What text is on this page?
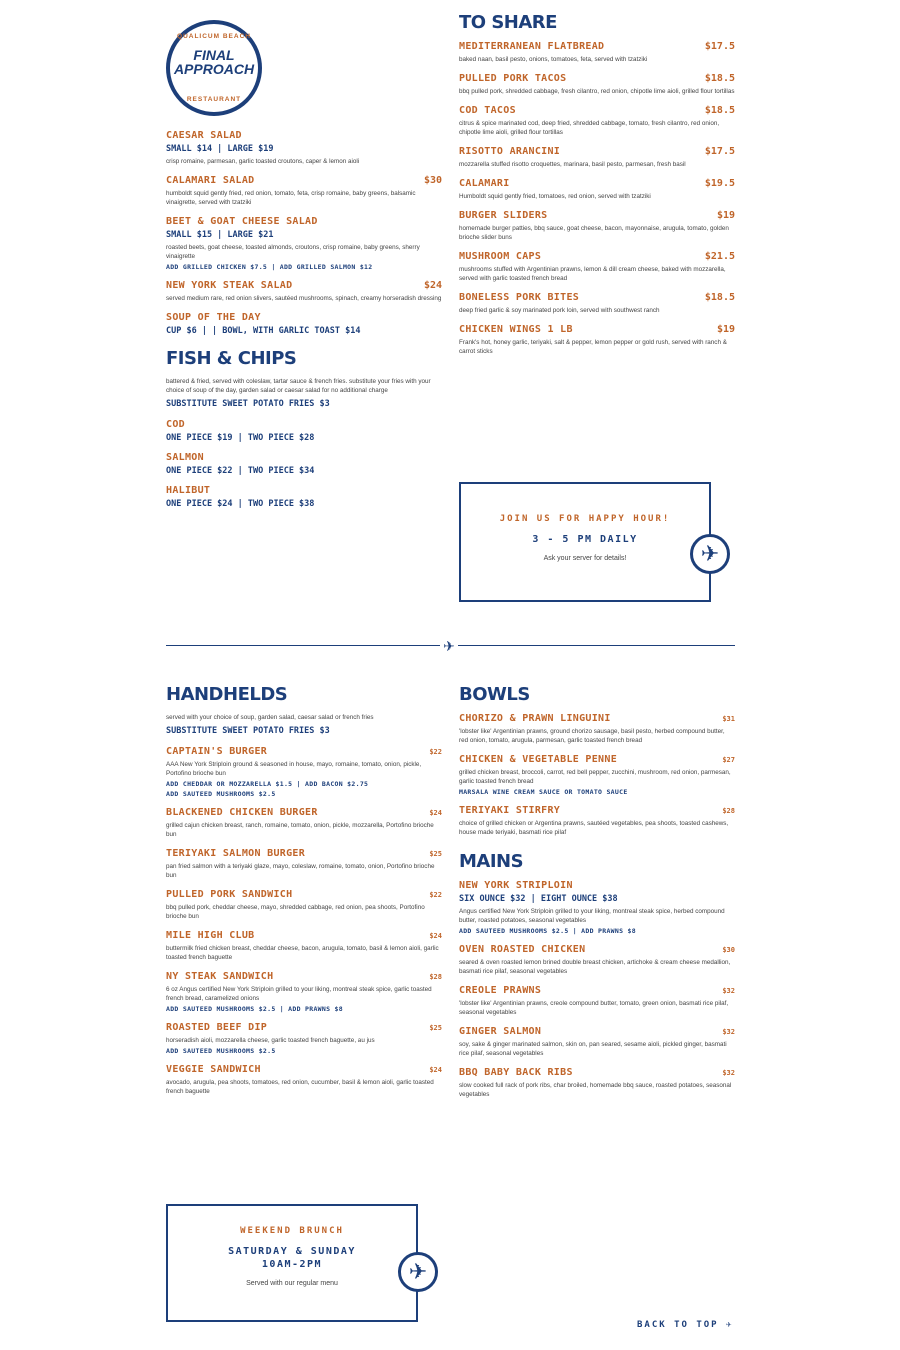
QUALICUM BEACH
FINAL
APPROACH
RESTAURANT
CAESAR SALAD
SMALL $14 | LARGE $19
crisp romaine, parmesan, garlic toasted croutons, caper & lemon aioli
CALAMARI SALAD	$30
humboldt squid gently fried, red onion, tomato, feta, crisp romaine, baby greens, balsamic vinaigrette, served with tzatziki
BEET & GOAT CHEESE SALAD
SMALL $15 | LARGE $21
roasted beets, goat cheese, toasted almonds, croutons, crisp romaine, baby greens, sherry vinaigrette
ADD GRILLED CHICKEN $7.5 | ADD GRILLED SALMON $12
NEW YORK STEAK SALAD	$24
served medium rare, red onion slivers, sautéed mushrooms, spinach, creamy horseradish dressing
SOUP OF THE DAY
CUP $6 | | BOWL, WITH GARLIC TOAST $14
FISH & CHIPS
battered & fried, served with coleslaw, tartar sauce & french fries. substitute your fries with your choice of soup of the day, garden salad or caesar salad for no additional charge
SUBSTITUTE SWEET POTATO FRIES $3
COD
ONE PIECE $19 | TWO PIECE $28
SALMON
ONE PIECE $22 | TWO PIECE $34
HALIBUT
ONE PIECE $24 | TWO PIECE $38
TO SHARE
MEDITERRANEAN FLATBREAD	$17.5
baked naan, basil pesto, onions, tomatoes, feta, served with tzatziki
PULLED PORK TACOS	$18.5
bbq pulled pork, shredded cabbage, fresh cilantro, red onion, chipotle lime aioli, grilled flour tortillas
COD TACOS	$18.5
citrus & spice marinated cod, deep fried, shredded cabbage, tomato, fresh cilantro, red onion, chipotle lime aioli, grilled flour tortillas
RISOTTO ARANCINI	$17.5
mozzarella stuffed risotto croquettes, marinara, basil pesto, parmesan, fresh basil
CALAMARI	$19.5
Humboldt squid gently fried, tomatoes, red onion, served with tzatziki
BURGER SLIDERS	$19
homemade burger patties, bbq sauce, goat cheese, bacon, mayonnaise, arugula, tomato, golden brioche slider buns
MUSHROOM CAPS	$21.5
mushrooms stuffed with Argentinian prawns, lemon & dill cream cheese, baked with mozzarella, served with garlic toasted french bread
BONELESS PORK BITES	$18.5
deep fried garlic & soy marinated pork loin, served with southwest ranch
CHICKEN WINGS 1 LB	$19
Frank's hot, honey garlic, teriyaki, salt & pepper, lemon pepper or gold rush, served with ranch & carrot sticks
JOIN US FOR HAPPY HOUR!
3 - 5 PM DAILY
Ask your server for details!	✈
✈
HANDHELDS
served with your choice of soup, garden salad, caesar salad or french fries
SUBSTITUTE SWEET POTATO FRIES $3
CAPTAIN'S BURGER	$22
AAA New York Striploin ground & seasoned in house, mayo, romaine, tomato, onion, pickle, Portofino brioche bun
ADD CHEDDAR OR MOZZARELLA $1.5 | ADD BACON $2.75
ADD SAUTEED MUSHROOMS $2.5
BLACKENED CHICKEN BURGER	$24
grilled cajun chicken breast, ranch, romaine, tomato, onion, pickle, mozzarella, Portofino brioche bun
TERIYAKI SALMON BURGER	$25
pan fried salmon with a teriyaki glaze, mayo, coleslaw, romaine, tomato, onion, Portofino brioche bun
PULLED PORK SANDWICH	$22
bbq pulled pork, cheddar cheese, mayo, shredded cabbage, red onion, pea shoots, Portofino brioche bun
MILE HIGH CLUB	$24
buttermilk fried chicken breast, cheddar cheese, bacon, arugula, tomato, basil & lemon aioli, garlic toasted french baguette
NY STEAK SANDWICH	$28
6 oz Angus certified New York Striploin grilled to your liking, montreal steak spice, garlic toasted french bread, caramelized onions
ADD SAUTEED MUSHROOMS $2.5 | ADD PRAWNS $8
ROASTED BEEF DIP	$25
horseradish aioli, mozzarella cheese, garlic toasted french baguette, au jus
ADD SAUTEED MUSHROOMS $2.5
VEGGIE SANDWICH	$24
avocado, arugula, pea shoots, tomatoes, red onion, cucumber, basil & lemon aioli, garlic toasted french baguette
WEEKEND BRUNCH
SATURDAY & SUNDAY
10AM-2PM
Served with our regular menu	✈
BOWLS
CHORIZO & PRAWN LINGUINI	$31
'lobster like' Argentinian prawns, ground chorizo sausage, basil pesto, herbed compound butter, red onion, tomato, arugula, parmesan, garlic toasted french bread
CHICKEN & VEGETABLE PENNE	$27
grilled chicken breast, broccoli, carrot, red bell pepper, zucchini, mushroom, red onion, parmesan, garlic toasted french bread
MARSALA WINE CREAM SAUCE OR TOMATO SAUCE
TERIYAKI STIRFRY	$28
choice of grilled chicken or Argentina prawns, sautéed vegetables, pea shoots, toasted cashews, house made teriyaki, basmati rice pilaf
MAINS
NEW YORK STRIPLOIN
SIX OUNCE $32 | EIGHT OUNCE $38
Angus certified New York Striploin grilled to your liking, montreal steak spice, herbed compound butter, roasted potatoes, seasonal vegetables
ADD SAUTEED MUSHROOMS $2.5 | ADD PRAWNS $8
OVEN ROASTED CHICKEN	$30
seared & oven roasted lemon brined double breast chicken, artichoke & cream cheese medallion, basmati rice pilaf, seasonal vegetables
CREOLE PRAWNS	$32
'lobster like' Argentinian prawns, creole compound butter, tomato, green onion, basmati rice pilaf, seasonal vegetables
GINGER SALMON	$32
soy, sake & ginger marinated salmon, skin on, pan seared, sesame aioli, pickled ginger, basmati rice pilaf, seasonal vegetables
BBQ BABY BACK RIBS	$32
slow cooked full rack of pork ribs, char broiled, homemade bbq sauce, roasted potatoes, seasonal vegetables
BACK TO TOP ✈
